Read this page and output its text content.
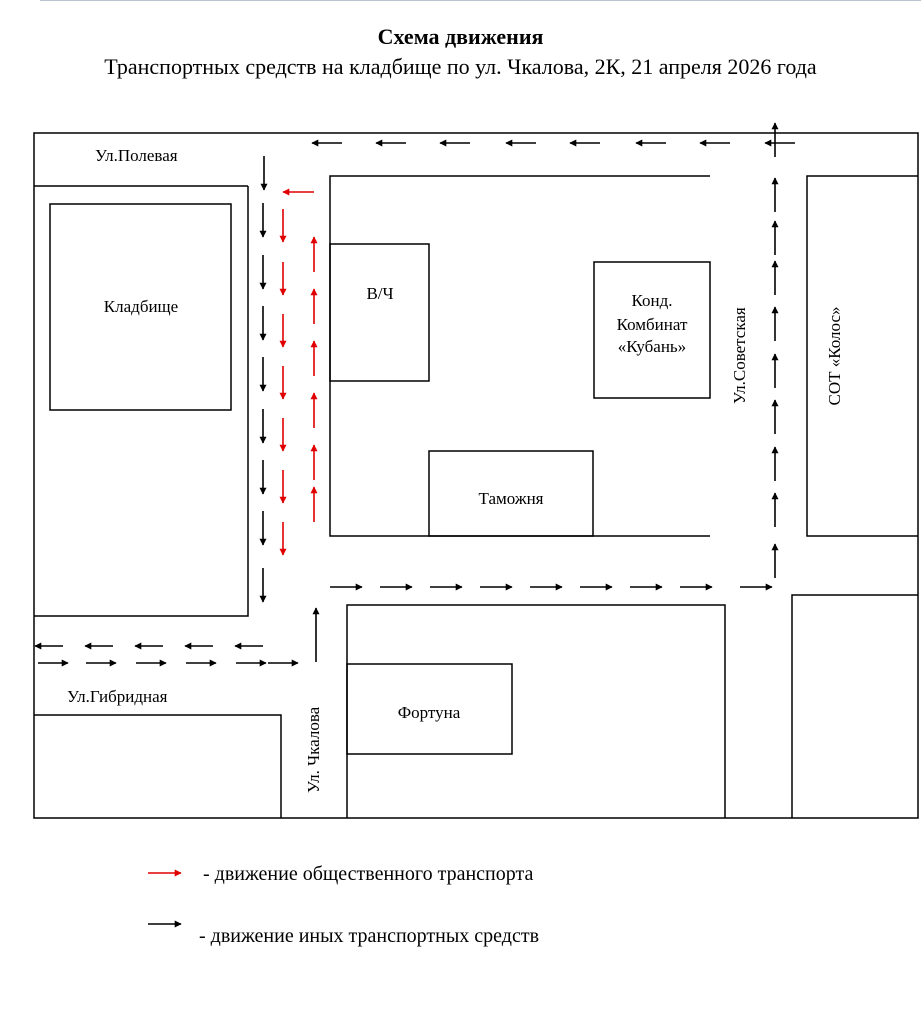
Схема движения
Транспортных средств на кладбище по ул. Чкалова, 2К, 21 апреля 2026 года
Ул.Полевая
Ул.Гибридная
Ул. Чкалова
Ул.Советская
Кладбище
В/Ч	Конд.
Комбинат
«Кубань»
Таможня
Фортуна
СОТ «Колос»
- движение общественного транспорта
- движение иных транспортных средств
